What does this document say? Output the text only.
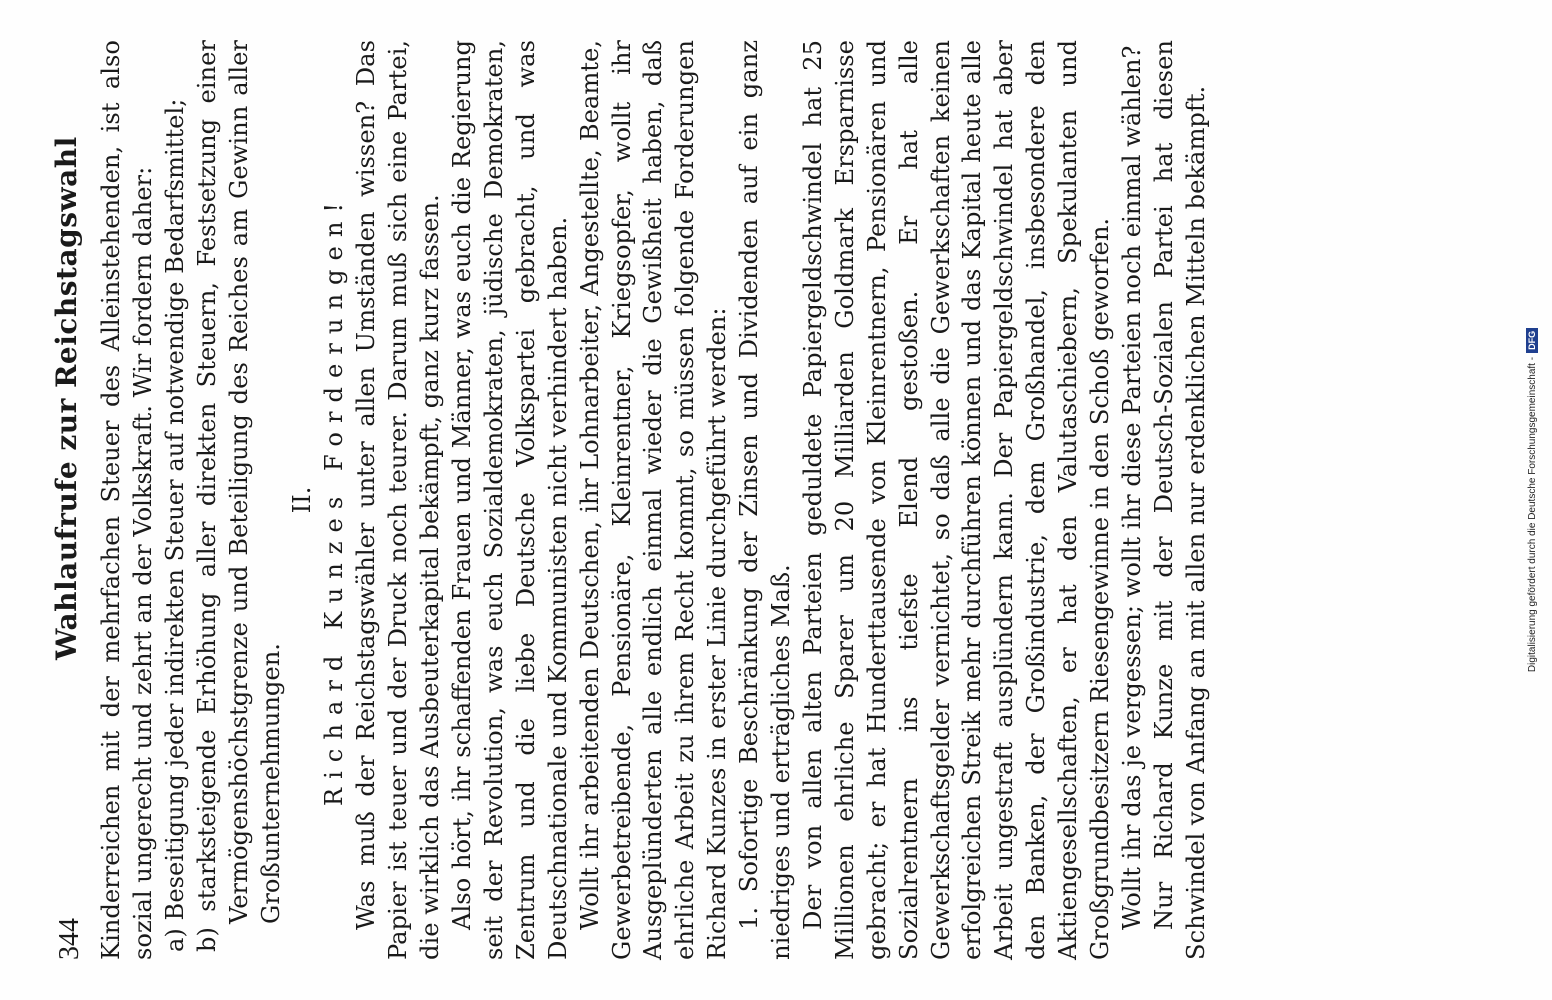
344
Wahlaufrufe zur Reichstagswahl Kinderreichen mit der mehrfachen Steuer des Alleinstehenden, ist also sozial ungerecht und zehrt an der Volkskraft. Wir fordern daher: a) Beseitigung jeder indirekten Steuer auf notwendige Bedarfsmittel; b) starksteigende Erhöhung aller direkten Steuern, Festsetzung einer Vermögenshöchstgrenze und Beteiligung des Reiches am Gewinn aller Großunternehmungen.

II. Richard Kunzes Forderungen! Was muß der Reichstagswähler unter allen Umständen wissen? Das Papier ist teuer und der Druck noch teurer. Darum muß sich eine Partei, die wirklich das Ausbeuterkapital bekämpft, ganz kurz fassen. Also hört, ihr schaffenden Frauen und Männer, was euch die Regierung seit der Revolution, was euch Sozialdemokraten, jüdische Demokraten, Zentrum und die liebe Deutsche Volkspartei gebracht, und was Deutschnationale und Kommunisten nicht verhindert haben. Wollt ihr arbeitenden Deutschen, ihr Lohnarbeiter, Angestellte, Beamte, Gewerbetreibende, Pensionäre, Kleinrentner, Kriegsopfer, wollt ihr Ausgeplünderten alle endlich einmal wieder die Gewißheit haben, daß ehrliche Arbeit zu ihrem Recht kommt, so müssen folgende Forderungen Richard Kunzes in erster Linie durchgeführt werden: 1. Sofortige Beschränkung der Zinsen und Dividenden auf ein ganz niedriges und erträgliches Maß. Der von allen alten Parteien geduldete Papiergeldschwindel hat 25 Millionen ehrliche Sparer um 20 Milliarden Goldmark Ersparnisse gebracht; er hat Hunderttausende von Kleinrentnern, Pensionären und Sozialrentnern ins tiefste Elend gestoßen. Er hat alle Gewerkschaftsgelder vernichtet, so daß alle die Gewerkschaften keinen erfolgreichen Streik mehr durchführen können und das Kapital heute alle Arbeit ungestraft ausplündern kann. Der Papiergeldschwindel hat aber den Banken, der Großindustrie, dem Großhandel, insbesondere den Aktiengesellschaften, er hat den Valutaschiebern, Spekulanten und Großgrundbesitzern Riesengewinne in den Schoß geworfen. Wollt ihr das je vergessen; wollt ihr diese Parteien noch einmal wählen? Nur Richard Kunze mit der Deutsch-Sozialen Partei hat diesen Schwindel von Anfang an mit allen nur erdenklichen Mitteln bekämpft.	Digitalisierung gefördert durch die Deutsche Forschungsgemeinschaft -DFG
